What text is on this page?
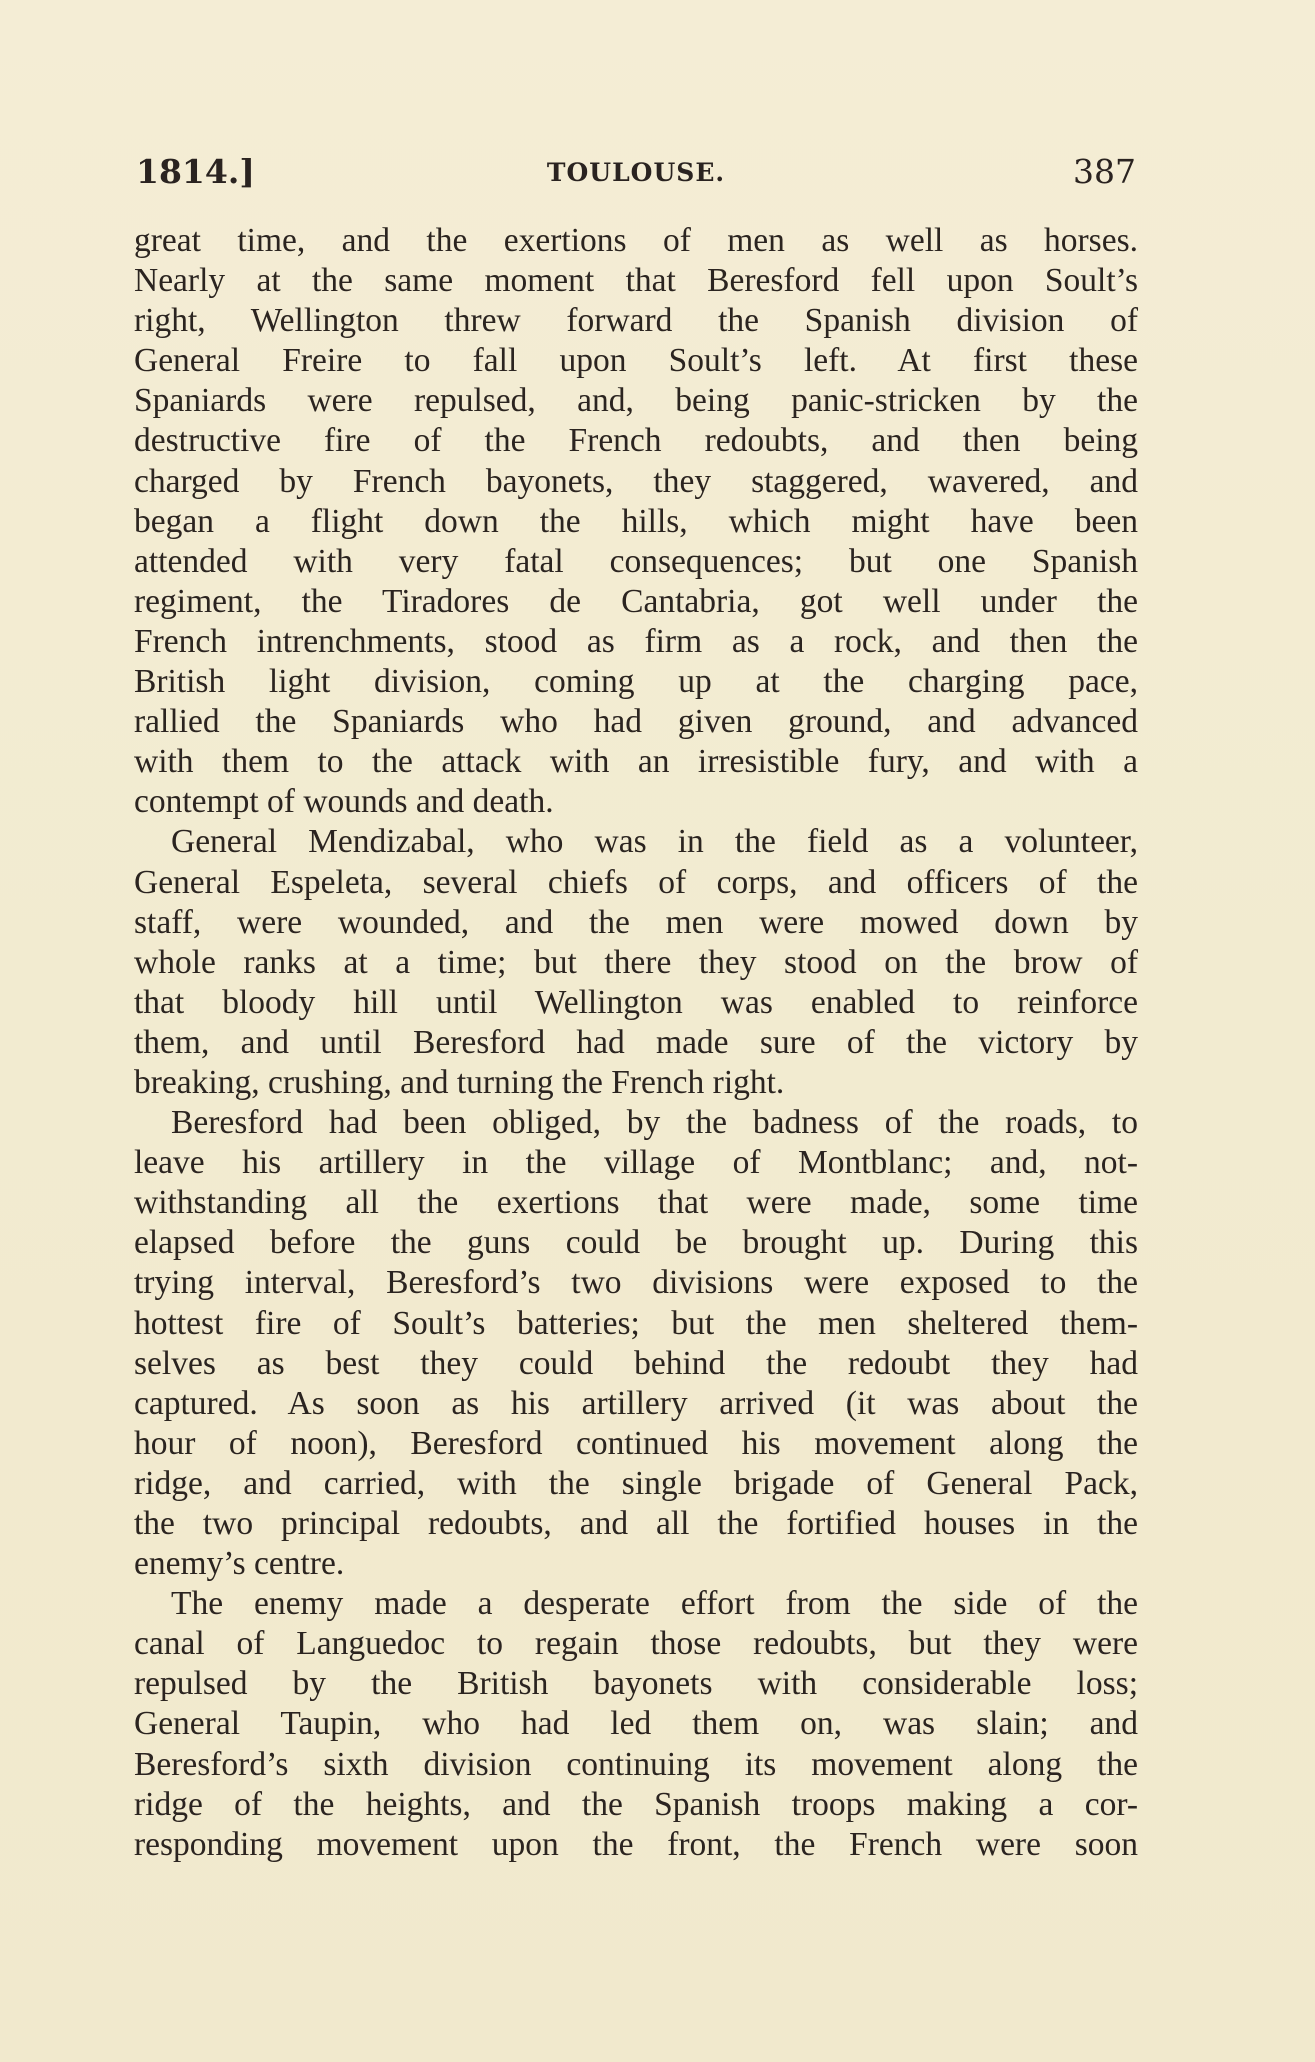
1814.]	TOULOUSE.	387
great time, and the exertions of men as well as horses.
Nearly at the same moment that Beresford fell upon Soult’s
right, Wellington threw forward the Spanish division of
General Freire to fall upon Soult’s left. At first these
Spaniards were repulsed, and, being panic-stricken by the
destructive fire of the French redoubts, and then being
charged by French bayonets, they staggered, wavered, and
began a flight down the hills, which might have been
attended with very fatal consequences; but one Spanish
regiment, the Tiradores de Cantabria, got well under the
French intrenchments, stood as firm as a rock, and then the
British light division, coming up at the charging pace,
rallied the Spaniards who had given ground, and advanced
with them to the attack with an irresistible fury, and with a
contempt of wounds and death.
General Mendizabal, who was in the field as a volunteer,
General Espeleta, several chiefs of corps, and officers of the
staff, were wounded, and the men were mowed down by
whole ranks at a time; but there they stood on the brow of
that bloody hill until Wellington was enabled to reinforce
them, and until Beresford had made sure of the victory by
breaking, crushing, and turning the French right.
Beresford had been obliged, by the badness of the roads, to
leave his artillery in the village of Montblanc; and, not-
withstanding all the exertions that were made, some time
elapsed before the guns could be brought up. During this
trying interval, Beresford’s two divisions were exposed to the
hottest fire of Soult’s batteries; but the men sheltered them-
selves as best they could behind the redoubt they had
captured. As soon as his artillery arrived (it was about the
hour of noon), Beresford continued his movement along the
ridge, and carried, with the single brigade of General Pack,
the two principal redoubts, and all the fortified houses in the
enemy’s centre.
The enemy made a desperate effort from the side of the
canal of Languedoc to regain those redoubts, but they were
repulsed by the British bayonets with considerable loss;
General Taupin, who had led them on, was slain; and
Beresford’s sixth division continuing its movement along the
ridge of the heights, and the Spanish troops making a cor-
responding movement upon the front, the French were soon
